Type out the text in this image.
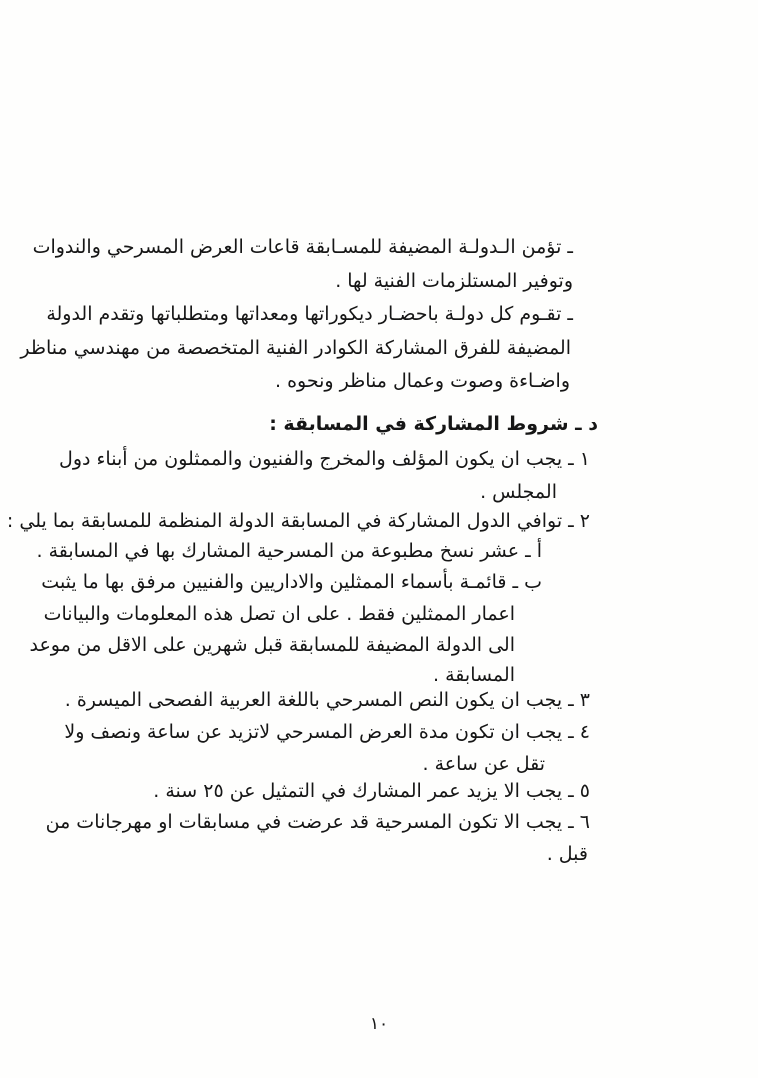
ـ تؤمن الـدولـة المضيفة للمسـابقة قاعات العرض المسرحي والندوات
وتوفير المستلزمات الفنية لها .
ـ تقـوم كل دولـة باحضـار ديكوراتها ومعداتها ومتطلباتها وتقدم الدولة
المضيفة للفرق المشاركة الكوادر الفنية المتخصصة من مهندسي مناظر
واضـاءة وصوت وعمال مناظر ونحوه .
د ـ شروط المشاركة في المسابقة :
١ ـ يجب ان يكون المؤلف والمخرج والفنيون والممثلون من أبناء دول
المجلس .
٢ ـ توافي الدول المشاركة في المسابقة الدولة المنظمة للمسابقة بما يلي :
أ ـ عشر نسخ مطبوعة من المسرحية المشارك بها في المسابقة .
ب ـ قائمـة بأسماء الممثلين والاداريين والفنيين مرفق بها ما يثبت
اعمار الممثلين فقط . على ان تصل هذه المعلومات والبيانات
الى الدولة المضيفة للمسابقة قبل شهرين على الاقل من موعد
المسابقة .
٣ ـ يجب ان يكون النص المسرحي باللغة العربية الفصحى الميسرة .
٤ ـ يجب ان تكون مدة العرض المسرحي لاتزيد عن ساعة ونصف ولا
تقل عن ساعة .
٥ ـ يجب الا يزيد عمر المشارك في التمثيل عن ٢٥ سنة .
٦ ـ يجب الا تكون المسرحية قد عرضت في مسابقات او مهرجانات من
قبل .
١٠
